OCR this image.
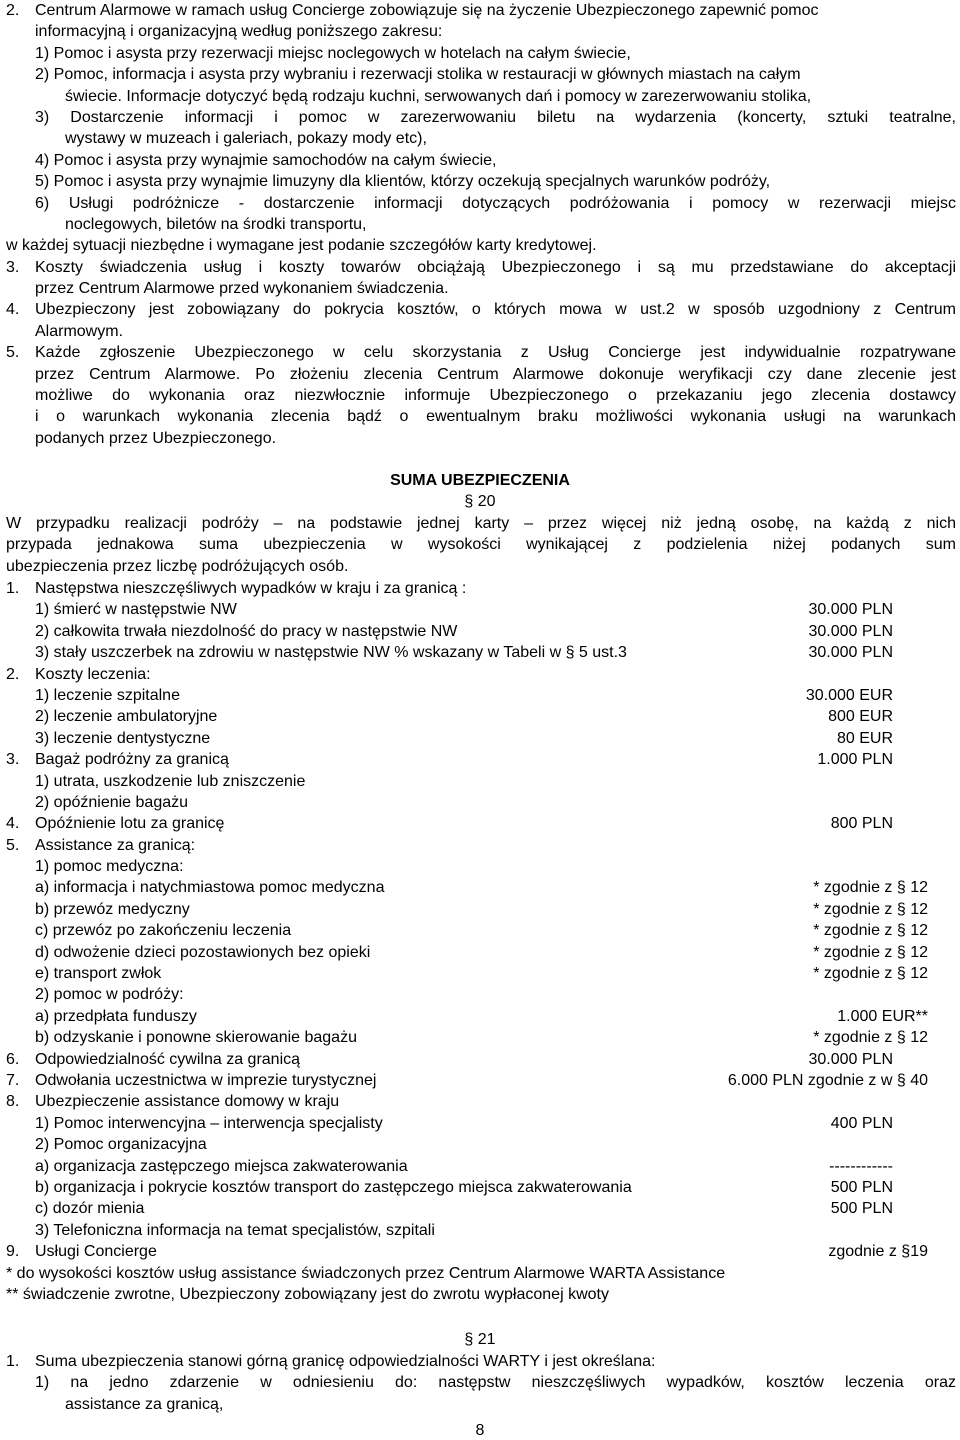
2. Centrum Alarmowe w ramach usług Concierge zobowiązuje się na życzenie Ubezpieczonego zapewnić pomoc
informacyjną i organizacyjną według poniższego zakresu:
1) Pomoc i asysta przy rezerwacji miejsc noclegowych w hotelach na całym świecie,
2) Pomoc, informacja i asysta przy wybraniu i rezerwacji stolika w restauracji w głównych miastach na całym
świecie. Informacje dotyczyć będą rodzaju kuchni, serwowanych dań i pomocy w zarezerwowaniu stolika,
3) Dostarczenie informacji i pomoc w zarezerwowaniu biletu na wydarzenia (koncerty, sztuki teatralne,
wystawy w muzeach i galeriach, pokazy mody etc),
4) Pomoc i asysta przy wynajmie samochodów na całym świecie,
5) Pomoc i asysta przy wynajmie limuzyny dla klientów, którzy oczekują specjalnych warunków podróży,
6) Usługi podróżnicze - dostarczenie informacji dotyczących podróżowania i pomocy w rezerwacji miejsc
noclegowych, biletów na środki transportu,
w każdej sytuacji niezbędne i wymagane jest podanie szczegółów karty kredytowej.
3. Koszty świadczenia usług i koszty towarów obciążają Ubezpieczonego i są mu przedstawiane do akceptacji
przez Centrum Alarmowe przed wykonaniem świadczenia.
4. Ubezpieczony jest zobowiązany do pokrycia kosztów, o których mowa w ust.2 w sposób uzgodniony z Centrum
Alarmowym.
5. Każde zgłoszenie Ubezpieczonego w celu skorzystania z Usług Concierge jest indywidualnie rozpatrywane
przez Centrum Alarmowe. Po złożeniu zlecenia Centrum Alarmowe dokonuje weryfikacji czy dane zlecenie jest
możliwe do wykonania oraz niezwłocznie informuje Ubezpieczonego o przekazaniu jego zlecenia dostawcy
i o warunkach wykonania zlecenia bądź o ewentualnym braku możliwości wykonania usługi na warunkach
podanych przez Ubezpieczonego.
SUMA UBEZPIECZENIA
§ 20
W przypadku realizacji podróży – na podstawie jednej karty – przez więcej niż jedną osobę, na każdą z nich
przypada jednakowa suma ubezpieczenia w wysokości wynikającej z podzielenia niżej podanych sum
ubezpieczenia przez liczbę podróżujących osób.
1. Następstwa nieszczęśliwych wypadków w kraju i za granicą :
1) śmierć w następstwie NW	30.000 PLN
2) całkowita trwała niezdolność do pracy w następstwie NW	30.000 PLN
3) stały uszczerbek na zdrowiu w następstwie NW % wskazany w Tabeli w § 5 ust.3	30.000 PLN
2. Koszty leczenia:
1) leczenie szpitalne	30.000 EUR
2) leczenie ambulatoryjne	800 EUR
3) leczenie dentystyczne	80 EUR
3. Bagaż podróżny za granicą	1.000 PLN
1) utrata, uszkodzenie lub zniszczenie
2) opóźnienie bagażu
4. Opóźnienie lotu za granicę	800 PLN
5. Assistance za granicą:
1) pomoc medyczna:
a) informacja i natychmiastowa pomoc medyczna	* zgodnie z § 12
b) przewóz medyczny	* zgodnie z § 12
c) przewóz po zakończeniu leczenia	* zgodnie z § 12
d) odwożenie dzieci pozostawionych bez opieki	* zgodnie z § 12
e) transport zwłok	* zgodnie z § 12
2) pomoc w podróży:
a) przedpłata funduszy	1.000 EUR**
b) odzyskanie i ponowne skierowanie bagażu	* zgodnie z § 12
6. Odpowiedzialność cywilna za granicą	30.000 PLN
7. Odwołania uczestnictwa w imprezie turystycznej	6.000 PLN zgodnie z w § 40
8. Ubezpieczenie assistance domowy w kraju
1) Pomoc interwencyjna – interwencja specjalisty	400 PLN
2) Pomoc organizacyjna
a) organizacja zastępczego miejsca zakwaterowania	------------
b) organizacja i pokrycie kosztów transport do zastępczego miejsca zakwaterowania	500 PLN
c) dozór mienia	500 PLN
3) Telefoniczna informacja na temat specjalistów, szpitali
9. Usługi Concierge	zgodnie z §19
* do wysokości kosztów usług assistance świadczonych przez Centrum Alarmowe WARTA Assistance
** świadczenie zwrotne, Ubezpieczony zobowiązany jest do zwrotu wypłaconej kwoty
§ 21
1. Suma ubezpieczenia stanowi górną granicę odpowiedzialności WARTY i jest określana:
1) na jedno zdarzenie w odniesieniu do: następstw nieszczęśliwych wypadków, kosztów leczenia oraz
assistance za granicą,
8
